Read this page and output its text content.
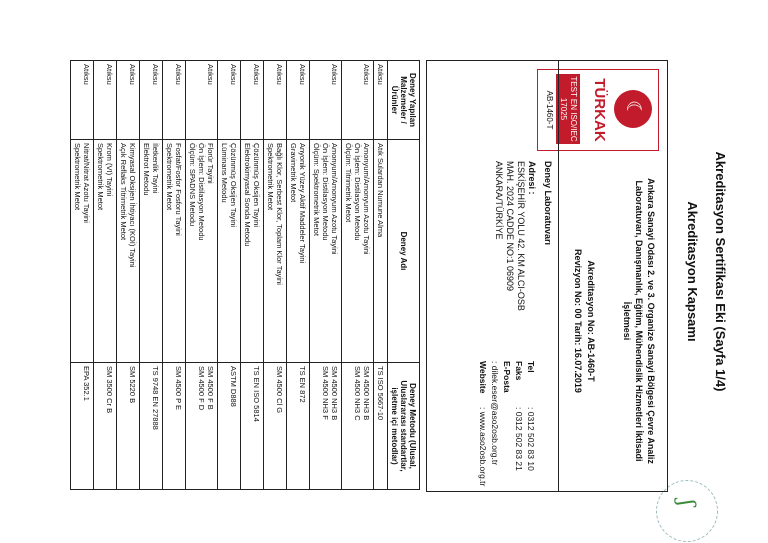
Akreditasyon Sertifikası Eki (Sayfa 1/4)
Akreditasyon Kapsamı
ʃ
☾
TÜRKAK
TEST EN ISO/IEC 17025
AB-1460-T
Ankara Sanayi Odası 2. ve 3. Organize Sanayi Bölgesi Çevre Analiz Laboratuvarı, Danışmanlık, Eğitim, Mühendislik Hizmetleri İktisadi İşletmesi
Akreditasyon No: AB-1460-T
Revizyon No: 00 Tarih: 16.07.2019
Deney Laboratuvarı
Adresi :
ESKİŞEHİR YOLU 42. KM ALCI-OSB
MAH. 2024 CADDE NO:1 06909
ANKARA/TÜRKİYE
Tel: 0312 502 83 10
Faks: 0312 502 83 21
E-Posta: dilek.eser@aso2osb.org.tr
Website: www.aso2osb.org.tr
Deney Yapılan Malzemeler / Ürünler	Deney Adı	Deney Metodu (Ulusal, Uluslararası standartlar, işletme içi metodlar)
Atıksu	Atık Sulardan Numune Alma	TS ISO 5667-10

Atıksu	Amonyum/Amonyum Azotu Tayini
Ön İşlem: Distilasyon Metodu
Ölçüm: Titrimetrik Metot	SM 4500 NH3 B
SM 4500 NH3 C

Atıksu	Amonyum/Amonyum Azotu Tayini
Ön İşlem: Distilasyon Metodu
Ölçüm: Spektrometrik Metot	SM 4500 NH3 B
SM 4500 NH3 F

Atıksu	Anyonik Yüzey Aktif Maddeler Tayini
Gravimetrik Metot	TS EN 872

Atıksu	Bağlı Klor, Serbest Klor, Toplam Klor Tayini
Spektrometrik Metot	SM 4500 Cl G

Atıksu	Çözünmüş Oksijen Tayini
Elektrokimyasal Sonda Metodu	TS EN ISO 5814

Atıksu	Çözünmüş Oksijen Tayini
Lüminans Metodu	ASTM D888

Atıksu	Florür Tayini
Ön İşlem: Distilasyon Metodu
Ölçüm: SPADNS Metodu	SM 4500 F B
SM 4500 F D

Atıksu	Fosfat/Fosfor Fosforu Tayini
Spektrometrik Metot	SM 4500 P E

Atıksu	İletkenlik Tayini
Elektrot Metodu	TS 9748 EN 27888

Atıksu	Kimyasal Oksijen İhtiyacı (KOİ) Tayini
Açık Reflaks Titrimetrik Metot	SM 5220 B

Atıksu	Krom (VI) Tayini
Spektrometrik Metot	SM 3500 Cr B

Atıksu	Nitrat/Nitrat Azotu Tayini
Spektrometrik Metot	EPA 352.1
